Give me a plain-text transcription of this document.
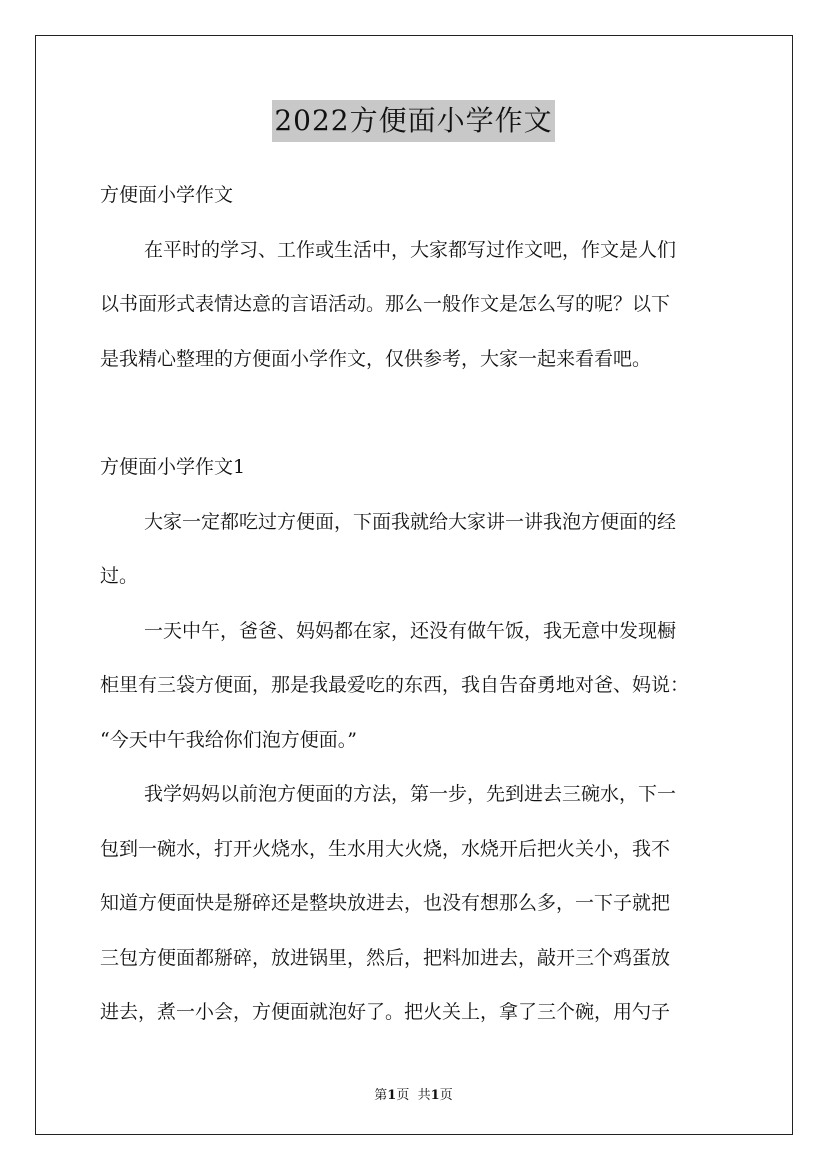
2022方便面小学作文
方便面小学作文
在平时的学习、工作或生活中，大家都写过作文吧，作文是人们
以书面形式表情达意的言语活动。那么一般作文是怎么写的呢？以下
是我精心整理的方便面小学作文，仅供参考，大家一起来看看吧。
方便面小学作文1
大家一定都吃过方便面，下面我就给大家讲一讲我泡方便面的经
过。
一天中午，爸爸、妈妈都在家，还没有做午饭，我无意中发现橱
柜里有三袋方便面，那是我最爱吃的东西，我自告奋勇地对爸、妈说：
“今天中午我给你们泡方便面。”
我学妈妈以前泡方便面的方法，第一步，先到进去三碗水，下一
包到一碗水，打开火烧水，生水用大火烧，水烧开后把火关小，我不
知道方便面快是掰碎还是整块放进去，也没有想那么多，一下子就把
三包方便面都掰碎，放进锅里，然后，把料加进去，敲开三个鸡蛋放
进去，煮一小会，方便面就泡好了。把火关上，拿了三个碗，用勺子
第1页 共1页
